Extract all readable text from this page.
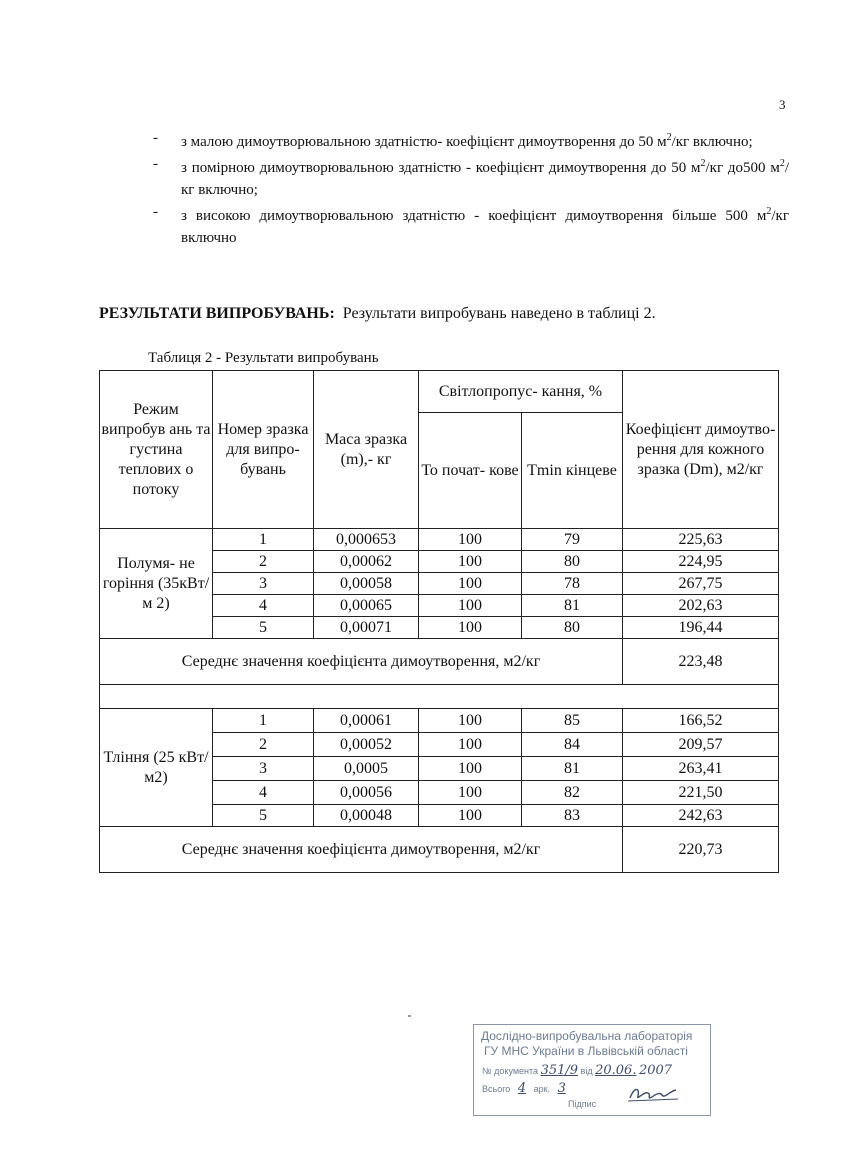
3
-	з малою димоутворювальною здатністю- коефіцієнт димоутворення до 50 $м^2/кг$ включно;
-	з помірною димоутворювальною здатністю - коефіцієнт димоутворення до 50 $м^2/кг$ до500 $м^2/кг$ включно;
-	з високою димоутворювальною здатністю - коефіцієнт димоутворення більше 500 $м^2/кг$ включно
РЕЗУЛЬТАТИ ВИПРОБУВАНЬ: Результати випробувань наведено в таблиці 2.
Таблиця 2 - Результати випробувань
Режим випробув ань та густина теплових о потоку	Номер зразка для випро- бувань	Маса зразка (m),- кг	Світлопропус- кання, %		Коефіцієнт димоутво- рення для кожного зразка (Dm), м2/кг
			То почат- кове	Tmin кінцеве	
Полумя- не горіння (35кВт/м 2)	1	0,000653	100	79	225,63
	2	0,00062	100	80	224,95
	3	0,00058	100	78	267,75
	4	0,00065	100	81	202,63
	5	0,00071	100	80	196,44
Середнє значення коефіцієнта димоутворення, м2/кг					223,48

Тління (25 кВт/м2)	1	0,00061	100	85	166,52
	2	0,00052	100	84	209,57
	3	0,0005	100	81	263,41
	4	0,00056	100	82	221,50
	5	0,00048	100	83	242,63
Середнє значення коефіцієнта димоутворення, м2/кг					220,73
Дослідно-випробувальна лабораторія
ГУ МНС України в Львівській області
№ документа 351/9 від 20.06. 2007
Всього 4 арк. 3
Підпис
